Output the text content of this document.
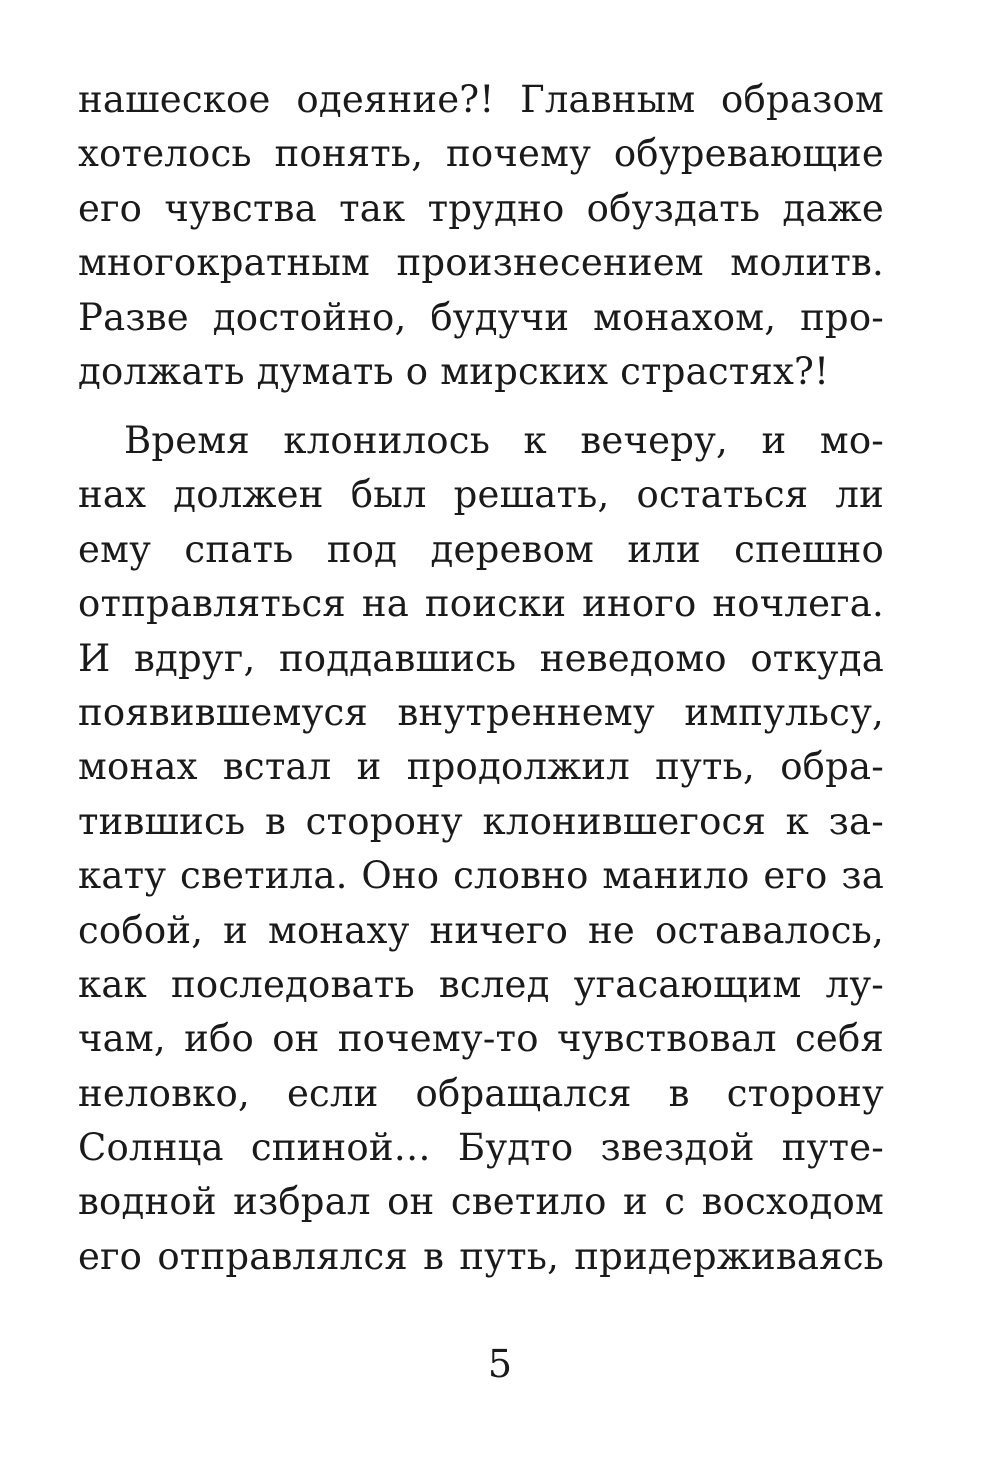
нашеское одеяние?! Главным образом
хотелось понять, почему обуревающие
его чувства так трудно обуздать даже
многократным произнесением молитв.
Разве достойно, будучи монахом, про-
должать думать о мирских страстях?!
Время клонилось к вечеру, и мо-
нах должен был решать, остаться ли
ему спать под деревом или спешно
отправляться на поиски иного ночлега.
И вдруг, поддавшись неведомо откуда
появившемуся внутреннему импульсу,
монах встал и продолжил путь, обра-
тившись в сторону клонившегося к за-
кату светила. Оно словно манило его за
собой, и монаху ничего не оставалось,
как последовать вслед угасающим лу-
чам, ибо он почему-то чувствовал себя
неловко, если обращался в сторону
Солнца спиной… Будто звездой путе-
водной избрал он светило и с восходом
его отправлялся в путь, придерживаясь
5
